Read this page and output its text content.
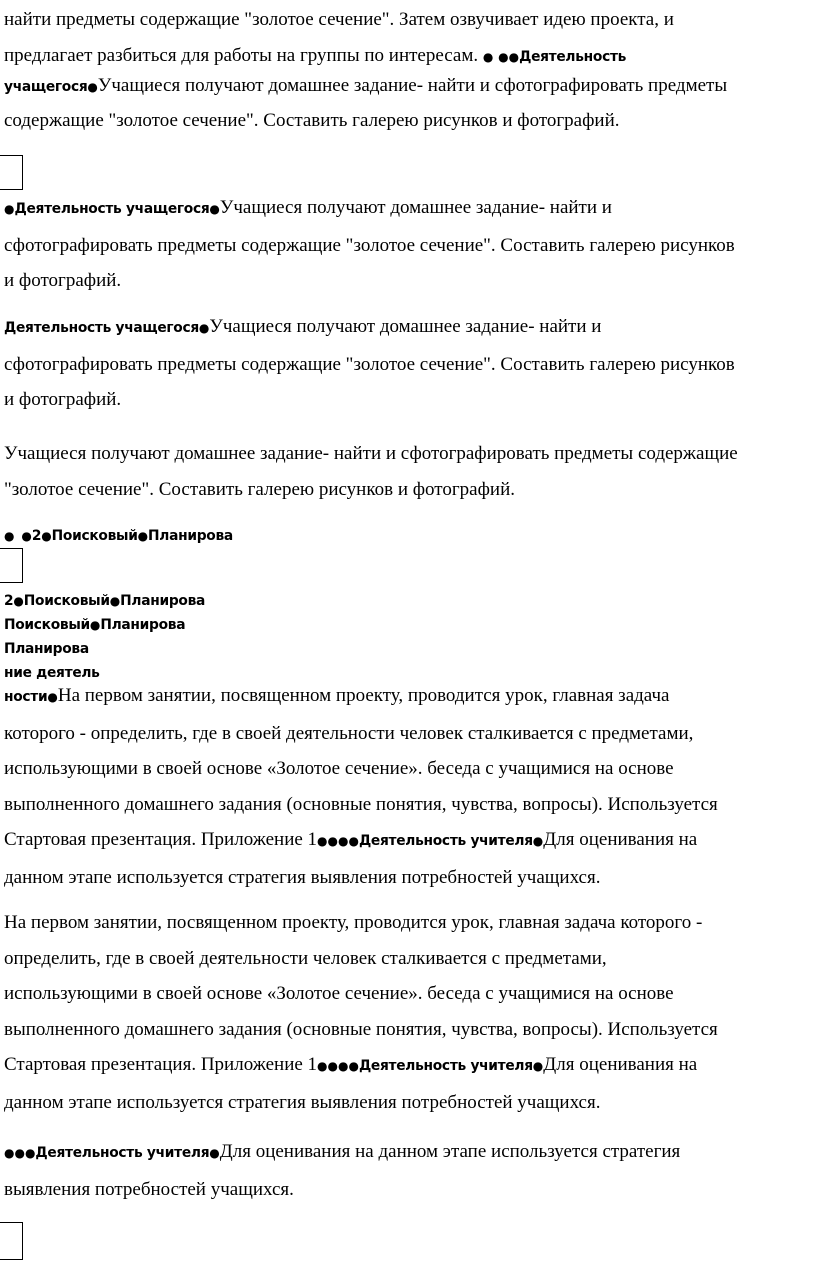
найти предметы содержащие "золотое сечение". Затем озвучивает идею проекта, и
предлагает разбиться для работы на группы по интересам. ● ●●Деятельность
учащегося●Учащиеся получают домашнее задание- найти и сфотографировать предметы
содержащие "золотое сечение". Составить галерею рисунков и фотографий.
●Деятельность учащегося●Учащиеся получают домашнее задание- найти и
сфотографировать предметы содержащие "золотое сечение". Составить галерею рисунков
и фотографий.
Деятельность учащегося●Учащиеся получают домашнее задание- найти и
сфотографировать предметы содержащие "золотое сечение". Составить галерею рисунков
и фотографий.
Учащиеся получают домашнее задание- найти и сфотографировать предметы содержащие
"золотое сечение". Составить галерею рисунков и фотографий.
● ●2●Поисковый●Планирова
2●Поисковый●Планирова
Поисковый●Планирова
Планирова
ние деятель
ности●На первом занятии, посвященном проекту, проводится урок, главная задача
которого - определить, где в своей деятельности человек сталкивается с предметами,
использующими в своей основе «Золотое сечение». беседа с учащимися на основе
выполненного домашнего задания (основные понятия, чувства, вопросы). Используется
Стартовая презентация. Приложение 1●●●●Деятельность учителя●Для оценивания на
данном этапе используется стратегия выявления потребностей учащихся.
На первом занятии, посвященном проекту, проводится урок, главная задача которого -
определить, где в своей деятельности человек сталкивается с предметами,
использующими в своей основе «Золотое сечение». беседа с учащимися на основе
выполненного домашнего задания (основные понятия, чувства, вопросы). Используется
Стартовая презентация. Приложение 1●●●●Деятельность учителя●Для оценивания на
данном этапе используется стратегия выявления потребностей учащихся.
●●●Деятельность учителя●Для оценивания на данном этапе используется стратегия
выявления потребностей учащихся.
